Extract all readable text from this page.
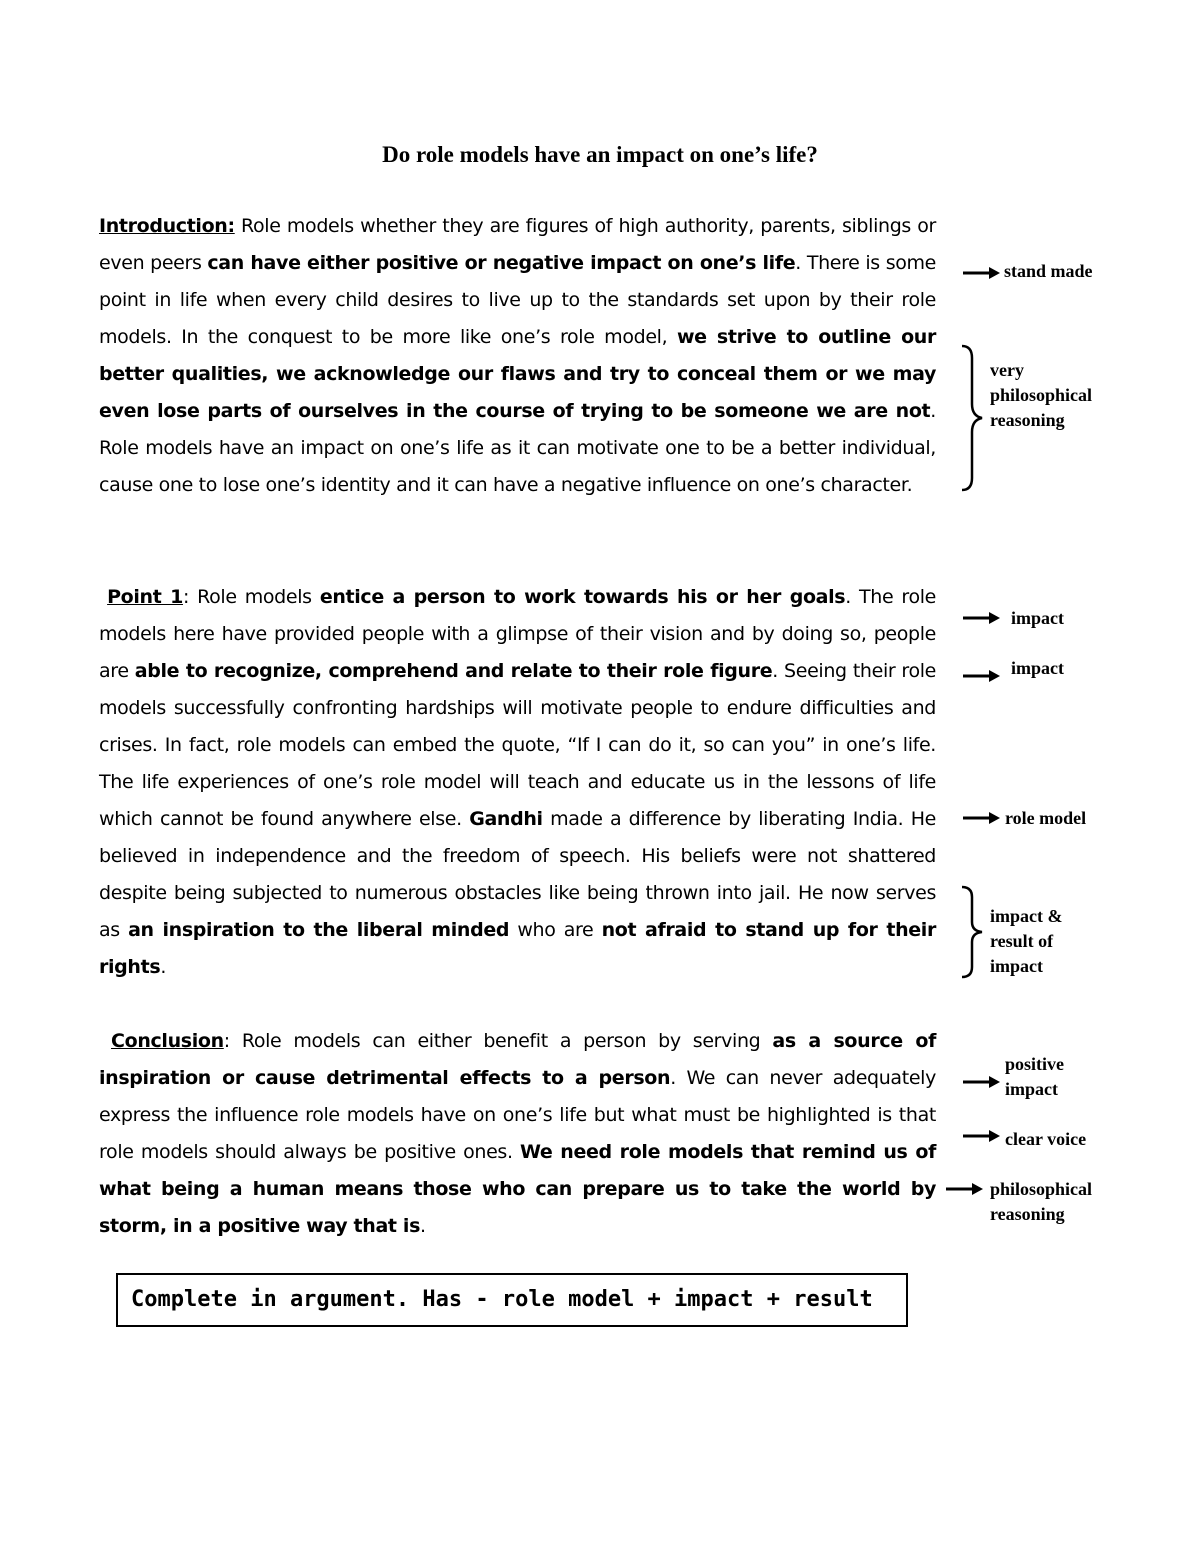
Do role models have an impact on one’s life?
Introduction: Role models whether they are figures of high authority, parents, siblings or even peers can have either positive or negative impact on one’s life. There is some point in life when every child desires to live up to the standards set upon by their role models. In the conquest to be more like one’s role model, we strive to outline our better qualities, we acknowledge our flaws and try to conceal them or we may even lose parts of ourselves in the course of trying to be someone we are not. Role models have an impact on one’s life as it can motivate one to be a better individual, cause one to lose one’s identity and it can have a negative influence on one’s character.
Point 1: Role models entice a person to work towards his or her goals. The role models here have provided people with a glimpse of their vision and by doing so, people are able to recognize, comprehend and relate to their role figure. Seeing their role models successfully confronting hardships will motivate people to endure difficulties and crises. In fact, role models can embed the quote, “If I can do it, so can you” in one’s life. The life experiences of one’s role model will teach and educate us in the lessons of life which cannot be found anywhere else. Gandhi made a difference by liberating India. He believed in independence and the freedom of speech. His beliefs were not shattered despite being subjected to numerous obstacles like being thrown into jail. He now serves as an inspiration to the liberal minded who are not afraid to stand up for their rights.
Conclusion: Role models can either benefit a person by serving as a source of inspiration or cause detrimental effects to a person. We can never adequately express the influence role models have on one’s life but what must be highlighted is that role models should always be positive ones. We need role models that remind us of what being a human means those who can prepare us to take the world by storm, in a positive way that is.
stand made
very
philosophical
reasoning
impact
impact
role model
impact &
result of
impact
positive
impact
clear voice
philosophical
reasoning
Complete in argument. Has - role model + impact + result
